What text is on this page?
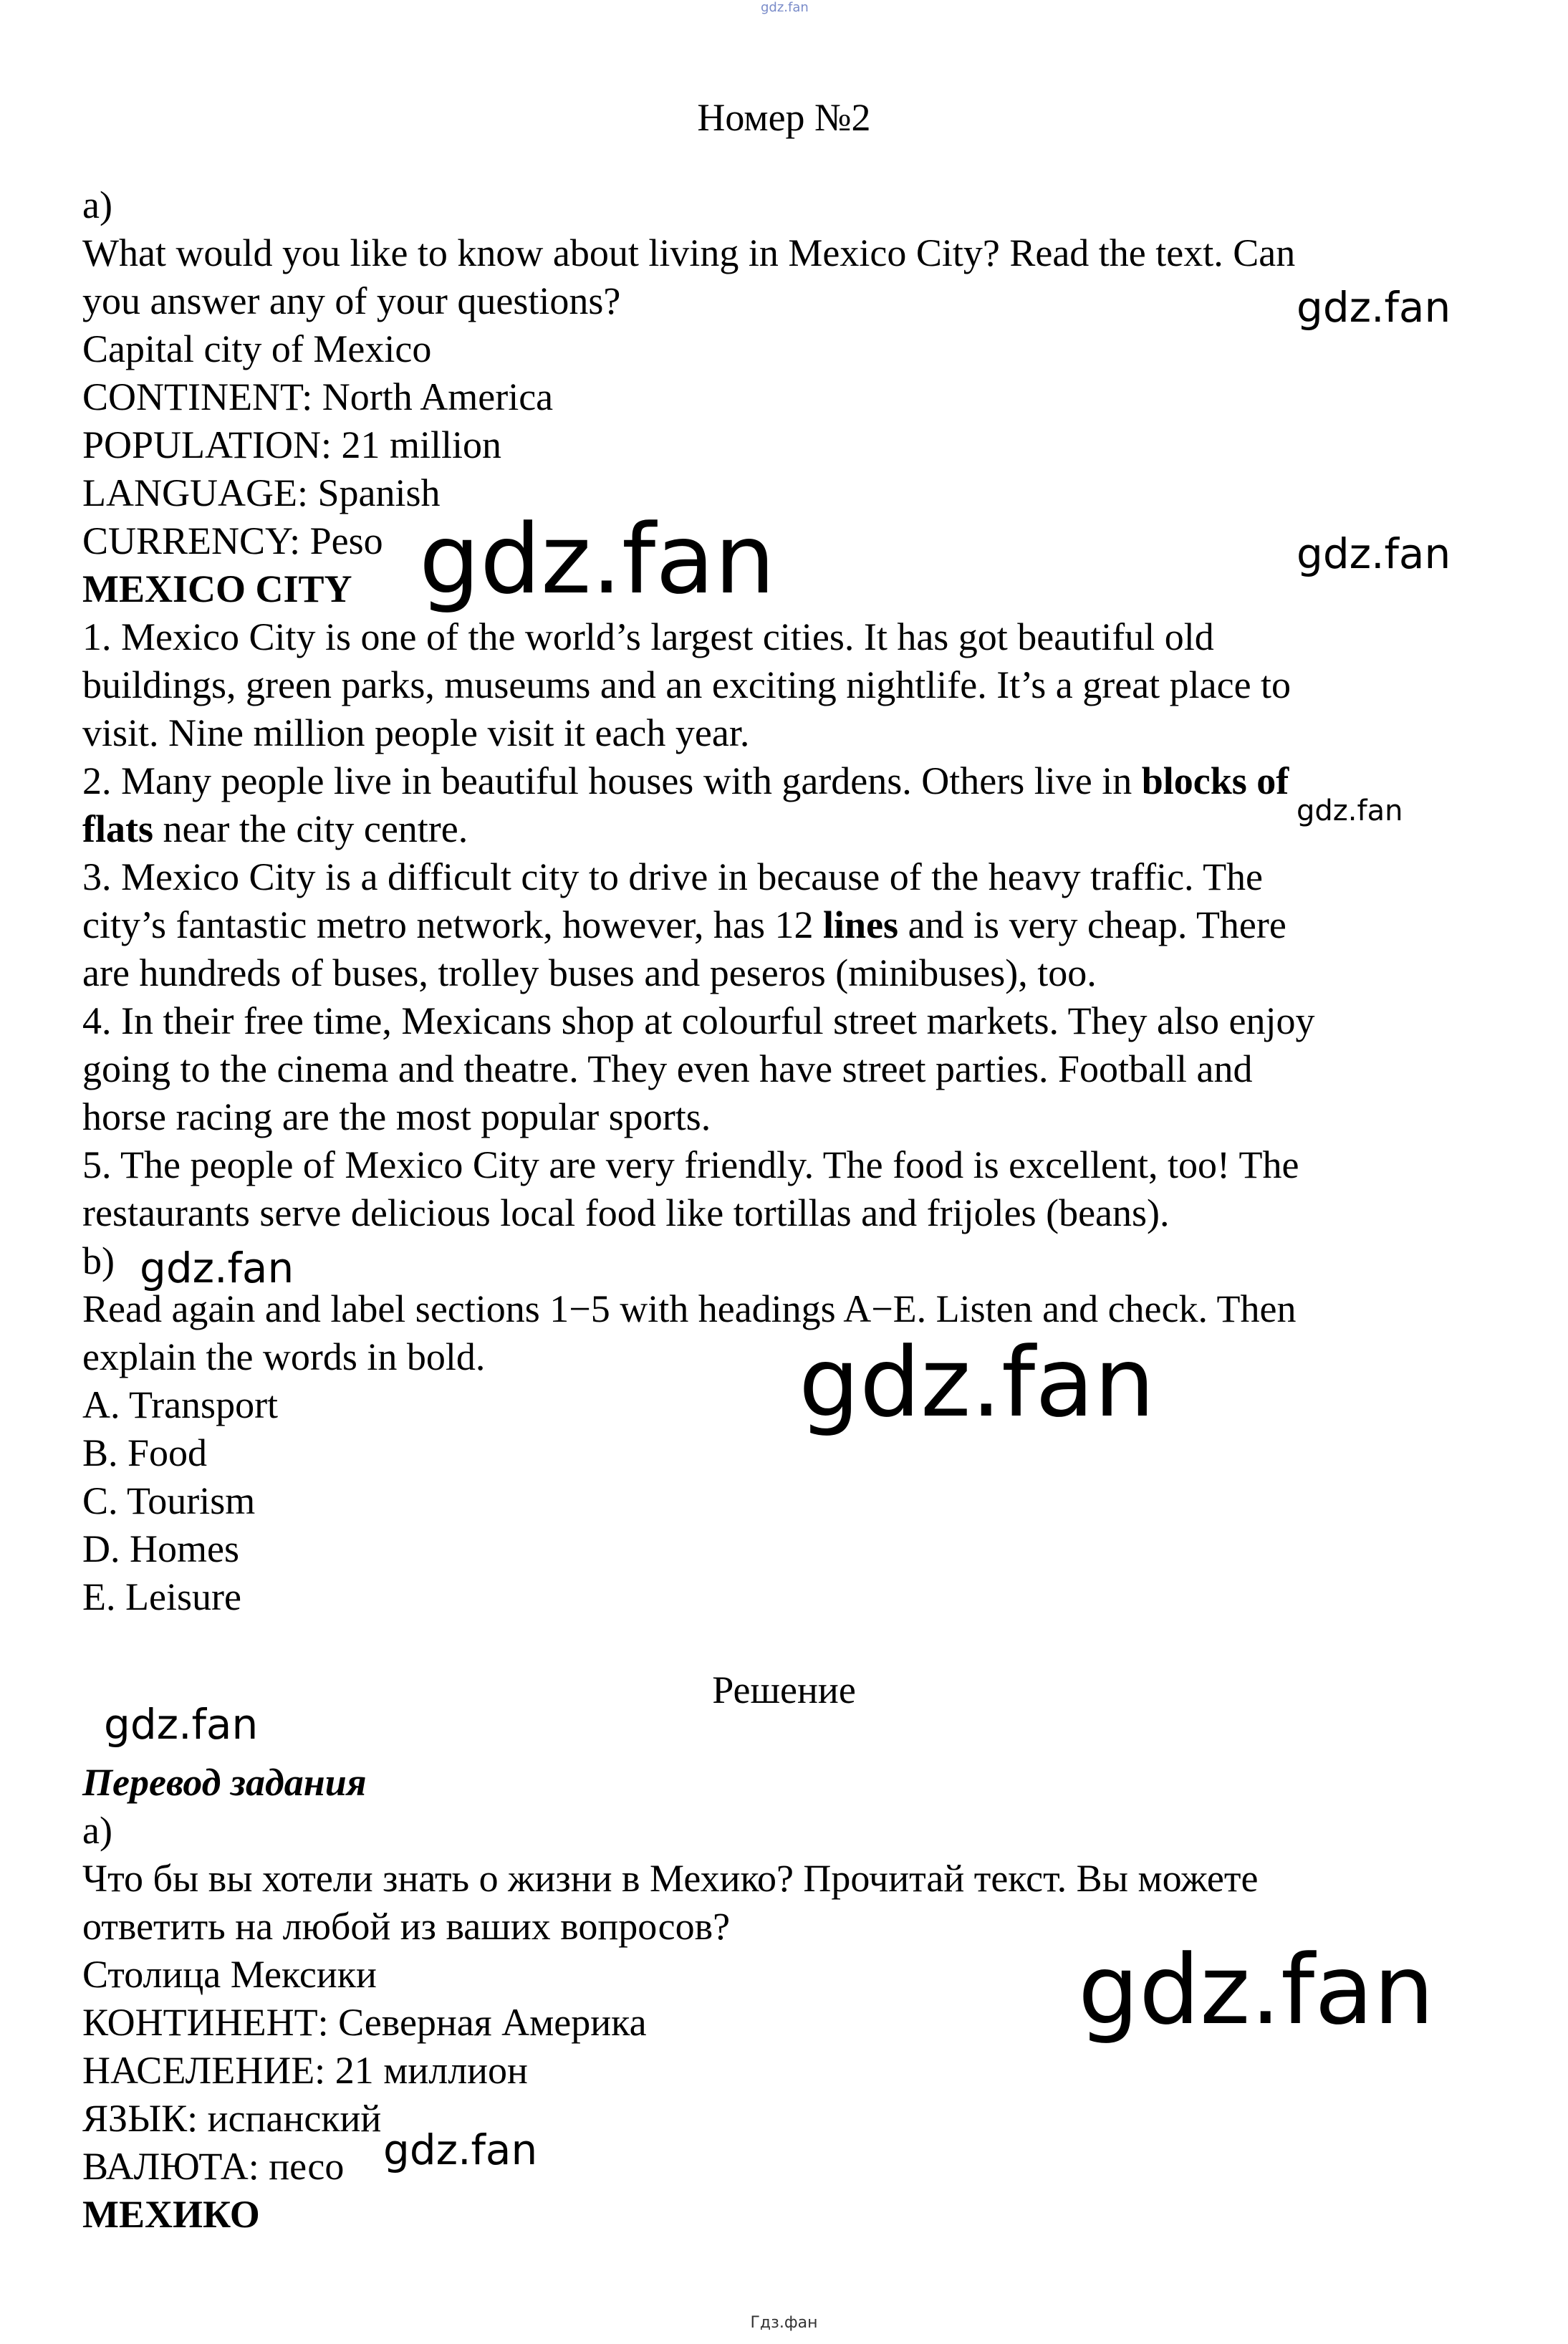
gdz.fan
Номер №2
a)
What would you like to know about living in Mexico City? Read the text. Can
you answer any of your questions?
Capital city of Mexico
CONTINENT: North America
POPULATION: 21 million
LANGUAGE: Spanish
CURRENCY: Peso
MEXICO CITY
1. Mexico City is one of the world’s largest cities. It has got beautiful old
buildings, green parks, museums and an exciting nightlife. It’s a great place to
visit. Nine million people visit it each year.
2. Many people live in beautiful houses with gardens. Others live in blocks of
flats near the city centre.
3. Mexico City is a difficult city to drive in because of the heavy traffic. The
city’s fantastic metro network, however, has 12 lines and is very cheap. There
are hundreds of buses, trolley buses and peseros (minibuses), too.
4. In their free time, Mexicans shop at colourful street markets. They also enjoy
going to the cinema and theatre. They even have street parties. Football and
horse racing are the most popular sports.
5. The people of Mexico City are very friendly. The food is excellent, too! The
restaurants serve delicious local food like tortillas and frijoles (beans).
b)
Read again and label sections 1−5 with headings A−E. Listen and check. Then
explain the words in bold.
A. Transport
B. Food
C. Tourism
D. Homes
E. Leisure
Решение
Перевод задания
а)
Что бы вы хотели знать о жизни в Мехико? Прочитай текст. Вы можете
ответить на любой из ваших вопросов?
Столица Мексики
КОНТИНЕНТ: Северная Америка
НАСЕЛЕНИЕ: 21 миллион
ЯЗЫК: испанский
ВАЛЮТА: песо
МЕХИКО
gdz.fan
gdz.fan	gdz.fan
gdz.fan
gdz.fan
gdz.fan
gdz.fan
gdz.fan
gdz.fan
Гдз.фан
